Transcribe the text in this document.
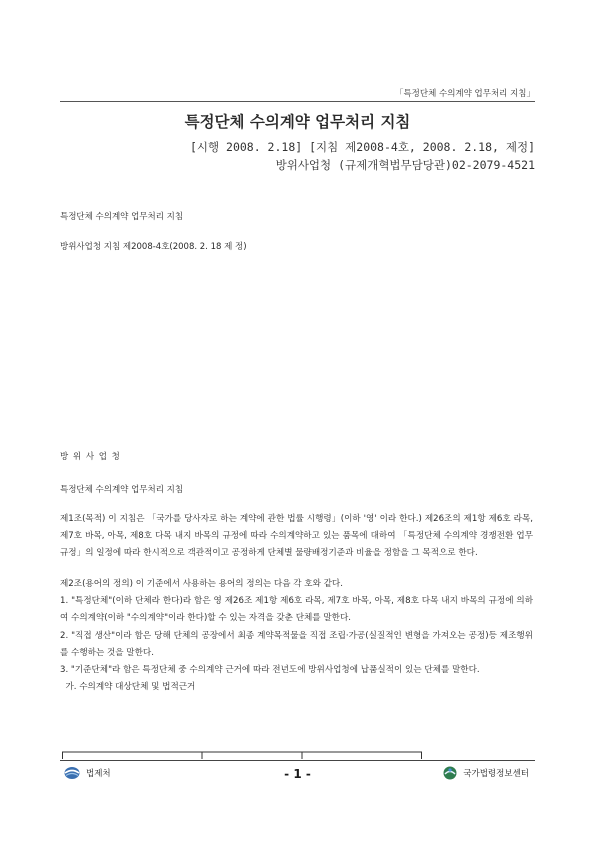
「특정단체 수의계약 업무처리 지침」
특정단체 수의계약 업무처리 지침
[시행 2008. 2.18] [지침 제2008-4호, 2008. 2.18, 제정]
방위사업청 (규제개혁법무담당관)02-2079-4521
특정단체 수의계약 업무처리 지침
방위사업청 지침 제2008-4호(2008. 2. 18 제 정)
방 위 사 업 청
특정단체 수의계약 업무처리 지침
제1조(목적) 이 지침은 「국가를 당사자로 하는 계약에 관한 법률 시행령」(이하 '영' 이라 한다.) 제26조의 제1항 제6호 라목, 제7호 바목, 아목, 제8호 다목 내지 바목의 규정에 따라 수의계약하고 있는 품목에 대하여 「특정단체 수의계약 경쟁전환 업무 규정」의 일정에 따라 한시적으로 객관적이고 공정하게 단체별 물량배정기준과 비율을 정함을 그 목적으로 한다.
제2조(용어의 정의) 이 기준에서 사용하는 용어의 정의는 다음 각 호와 같다.
1. "특정단체"(이하 단체라 한다)라 함은 영 제26조 제1항 제6호 라목, 제7호 바목, 아목, 제8호 다목 내지 바목의 규정에 의하여 수의계약(이하 "수의계약"이라 한다)할 수 있는 자격을 갖춘 단체를 말한다.
2. "직접 생산"이라 함은 당해 단체의 공장에서 최종 계약목적물을 직접 조립·가공(실질적인 변형을 가져오는 공정)등 제조행위를 수행하는 것을 말한다.
3. "기준단체"라 함은 특정단체 중 수의계약 근거에 따라 전년도에 방위사업청에 납품실적이 있는 단체를 말한다.
가. 수의계약 대상단체 및 법적근거
법제처	- 1 -	국가법령정보센터
